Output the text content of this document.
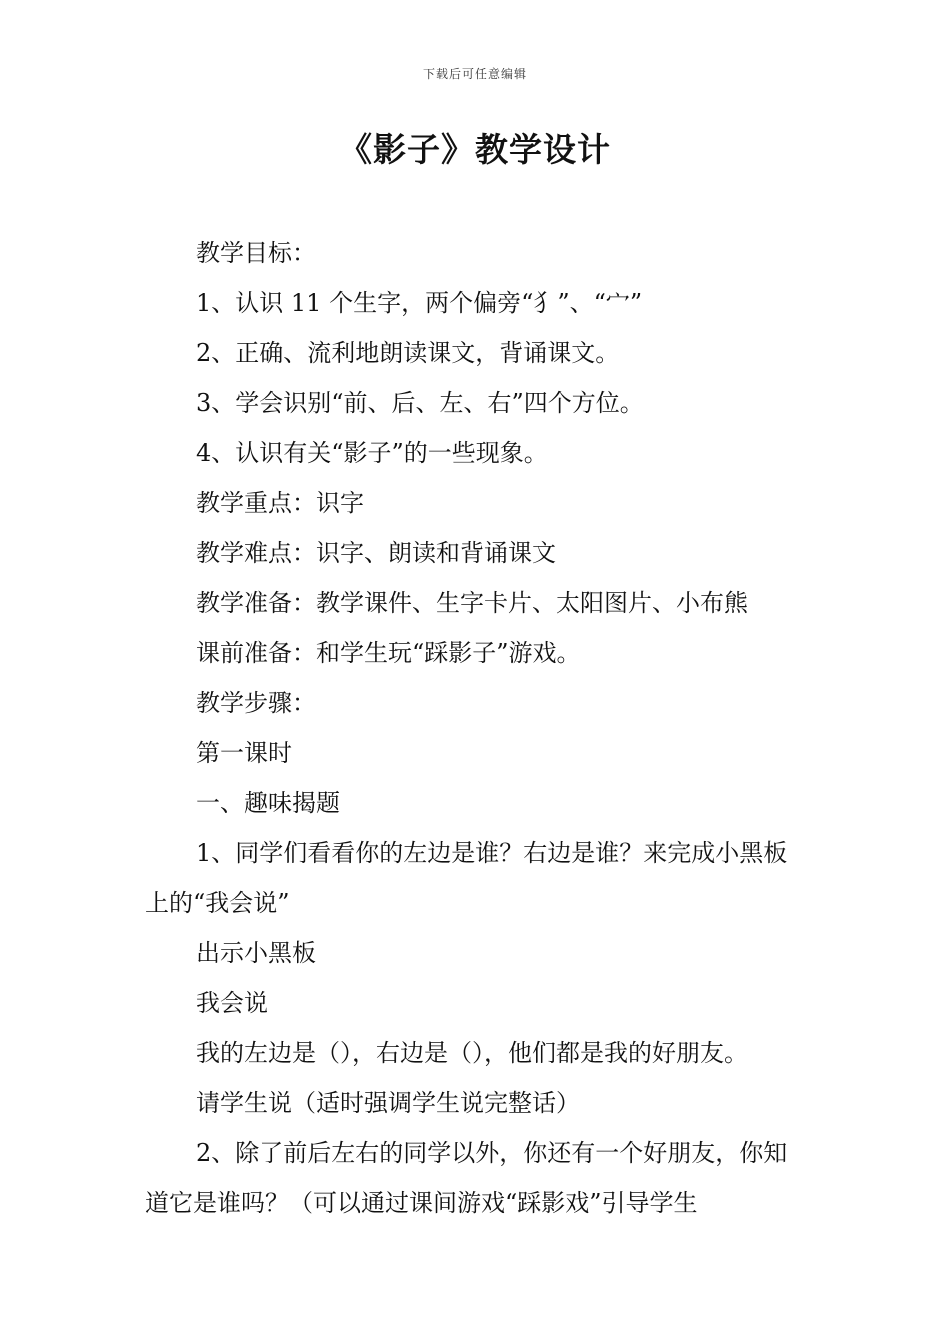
下载后可任意编辑
《影子》教学设计

教学目标：

1、认识 11 个生字，两个偏旁“犭”、“宀”

2、正确、流利地朗读课文，背诵课文。

3、学会识别“前、后、左、右”四个方位。

4、认识有关“影子”的一些现象。

教学重点：识字

教学难点：识字、朗读和背诵课文

教学准备：教学课件、生字卡片、太阳图片、小布熊

课前准备：和学生玩“踩影子”游戏。

教学步骤：

第一课时

一、趣味揭题

1、同学们看看你的左边是谁？右边是谁？来完成小黑板上的“我会说”

出示小黑板

我会说

我的左边是（），右边是（），他们都是我的好朋友。

请学生说（适时强调学生说完整话）

2、除了前后左右的同学以外，你还有一个好朋友，你知道它是谁吗？（可以通过课间游戏“踩影戏”引导学生
